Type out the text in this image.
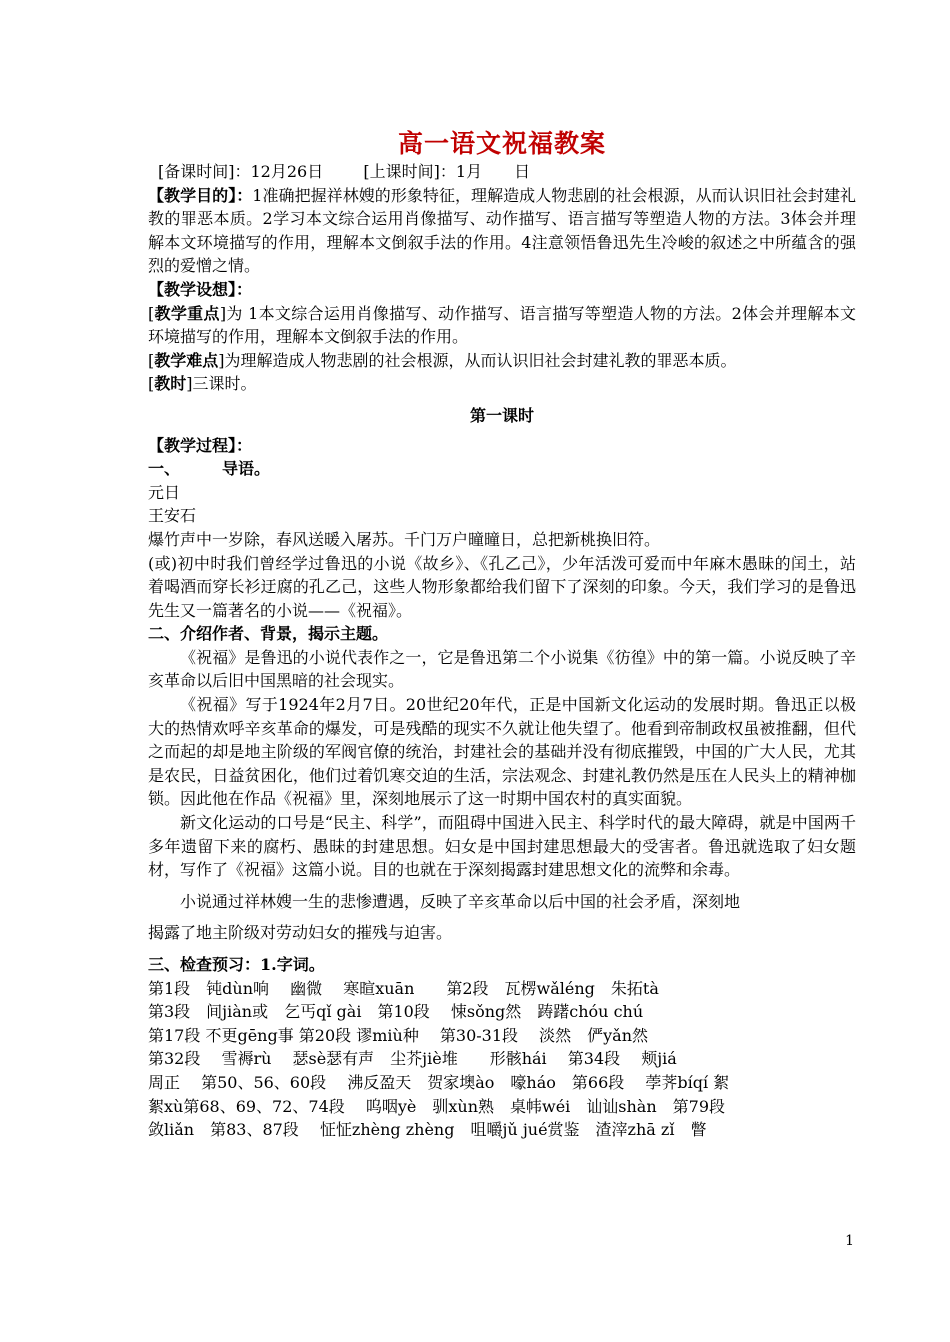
高一语文祝福教案
[备课时间]：12月26日	[上课时间]：1月　　日
【教学目的】：1准确把握祥林嫂的形象特征，理解造成人物悲剧的社会根源，从而认识旧社会封建礼教的罪恶本质。2学习本文综合运用肖像描写、动作描写、语言描写等塑造人物的方法。3体会并理解本文环境描写的作用，理解本文倒叙手法的作用。4注意领悟鲁迅先生冷峻的叙述之中所蕴含的强烈的爱憎之情。
【教学设想】：
[教学重点]为 1本文综合运用肖像描写、动作描写、语言描写等塑造人物的方法。2体会并理解本文环境描写的作用，理解本文倒叙手法的作用。
[教学难点]为理解造成人物悲剧的社会根源，从而认识旧社会封建礼教的罪恶本质。
[教时]三课时。
第一课时
【教学过程】：
一、	导语。
元日
王安石
爆竹声中一岁除，春风送暖入屠苏。千门万户曈曈日，总把新桃换旧符。
(或)初中时我们曾经学过鲁迅的小说《故乡》、《孔乙己》，少年活泼可爱而中年麻木愚昧的闰土，站着喝酒而穿长衫迂腐的孔乙己，这些人物形象都给我们留下了深刻的印象。今天，我们学习的是鲁迅先生又一篇著名的小说——《祝福》。
二、介绍作者、背景，揭示主题。
《祝福》是鲁迅的小说代表作之一，它是鲁迅第二个小说集《彷徨》中的第一篇。小说反映了辛亥革命以后旧中国黑暗的社会现实。
《祝福》写于1924年2月7日。20世纪20年代，正是中国新文化运动的发展时期。鲁迅正以极大的热情欢呼辛亥革命的爆发，可是残酷的现实不久就让他失望了。他看到帝制政权虽被推翻，但代之而起的却是地主阶级的军阀官僚的统治，封建社会的基础并没有彻底摧毁，中国的广大人民，尤其是农民，日益贫困化，他们过着饥寒交迫的生活，宗法观念、封建礼教仍然是压在人民头上的精神枷锁。因此他在作品《祝福》里，深刻地展示了这一时期中国农村的真实面貌。
新文化运动的口号是“民主、科学”，而阻碍中国进入民主、科学时代的最大障碍，就是中国两千多年遗留下来的腐朽、愚昧的封建思想。妇女是中国封建思想最大的受害者。鲁迅就选取了妇女题材，写作了《祝福》这篇小说。目的也就在于深刻揭露封建思想文化的流弊和余毒。
小说通过祥林嫂一生的悲惨遭遇，反映了辛亥革命以后中国的社会矛盾，深刻地
揭露了地主阶级对劳动妇女的摧残与迫害。
三、检查预习：1.字词。
第1段　钝dùn响　 幽微　 寒暄xuān　　第2段　瓦楞wǎléng　朱拓tà
第3段　间jiàn或　乞丐qǐ gài　第10段　 悚sǒng然　踌躇chóu chú
第17段 不更gēng事 第20段 谬miù种　 第30-31段　 淡然　俨yǎn然
第32段　 雪褥rù　 瑟sè瑟有声　尘芥jiè堆　　形骸hái　 第34段　 颊jiá
周正　 第50、56、60段　 沸反盈天　贺家墺ào　嚎háo　第66段　 荸荠bíqí 絮
絮xù第68、69、72、74段　 呜咽yè　驯xùn熟　桌帏wéi　讪讪shàn　第79段
敛liǎn　第83、87段　 怔怔zhèng zhèng　咀嚼jǔ jué赏鉴　渣滓zhā zǐ　瞥
1
